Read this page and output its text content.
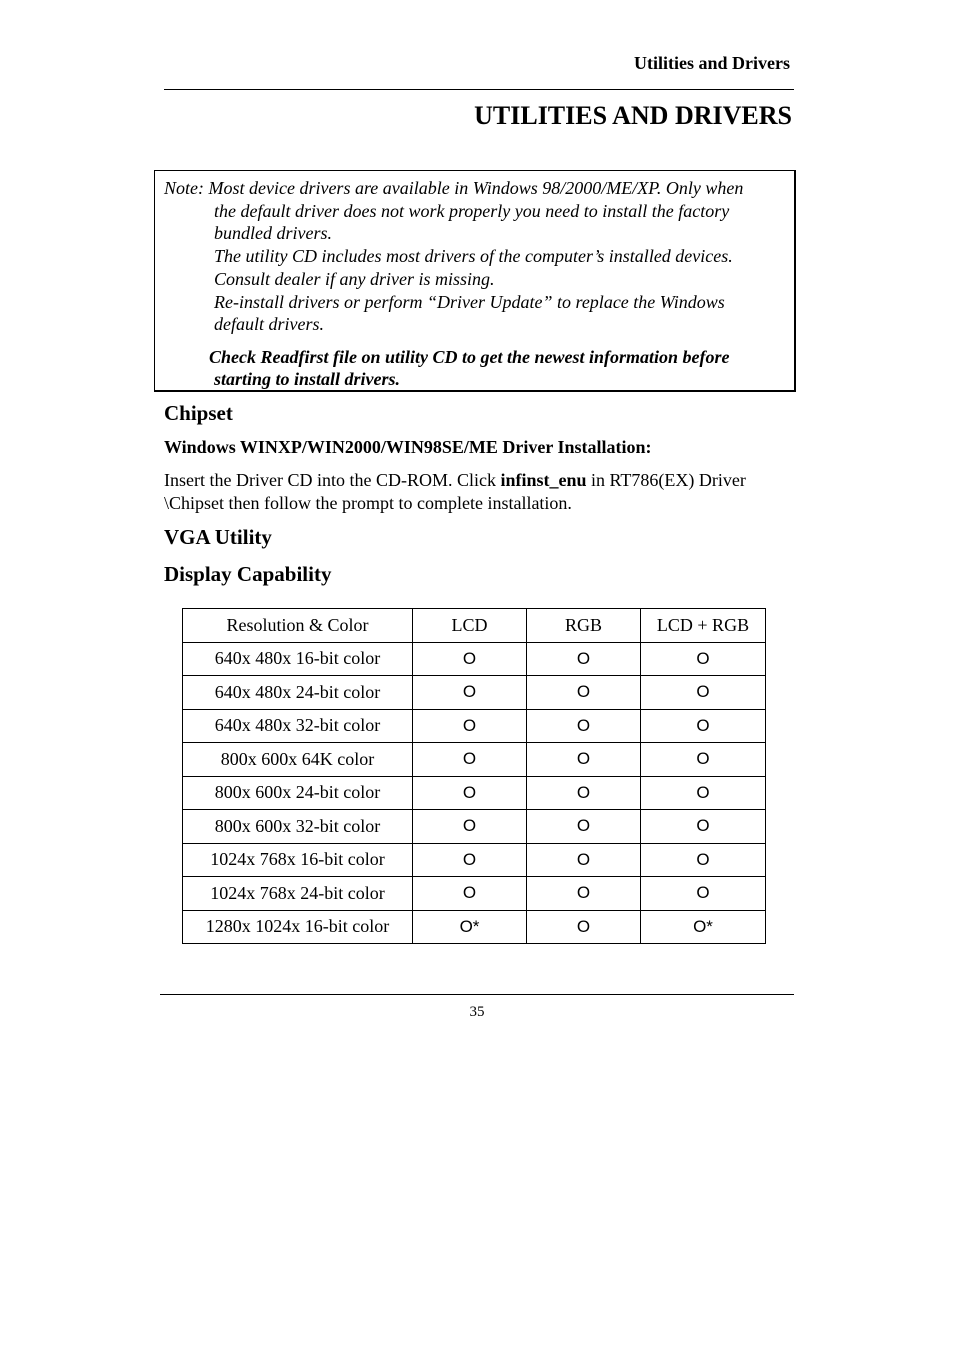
Utilities and Drivers
UTILITIES AND DRIVERS
Note: Most device drivers are available in Windows 98/2000/ME/XP. Only when
the default driver does not work properly you need to install the factory
bundled drivers.
The utility CD includes most drivers of the computer’s installed devices.
Consult dealer if any driver is missing.
Re-install drivers or perform “Driver Update” to replace the Windows
default drivers.
Check Readfirst file on utility CD to get the newest information before
starting to install drivers.
Chipset
Windows WINXP/WIN2000/WIN98SE/ME Driver Installation:

Insert the Driver CD into the CD-ROM. Click infinst_enu in RT786(EX) Driver \Chipset then follow the prompt to complete installation.

VGA Utility
Display Capability
Resolution & Color	LCD	RGB	LCD + RGB
640x 480x 16-bit color	O	O	O
640x 480x 24-bit color	O	O	O
640x 480x 32-bit color	O	O	O
800x 600x 64K color	O	O	O
800x 600x 24-bit color	O	O	O
800x 600x 32-bit color	O	O	O
1024x 768x 16-bit color	O	O	O
1024x 768x 24-bit color	O	O	O
1280x 1024x 16-bit color	O*	O	O*
35
